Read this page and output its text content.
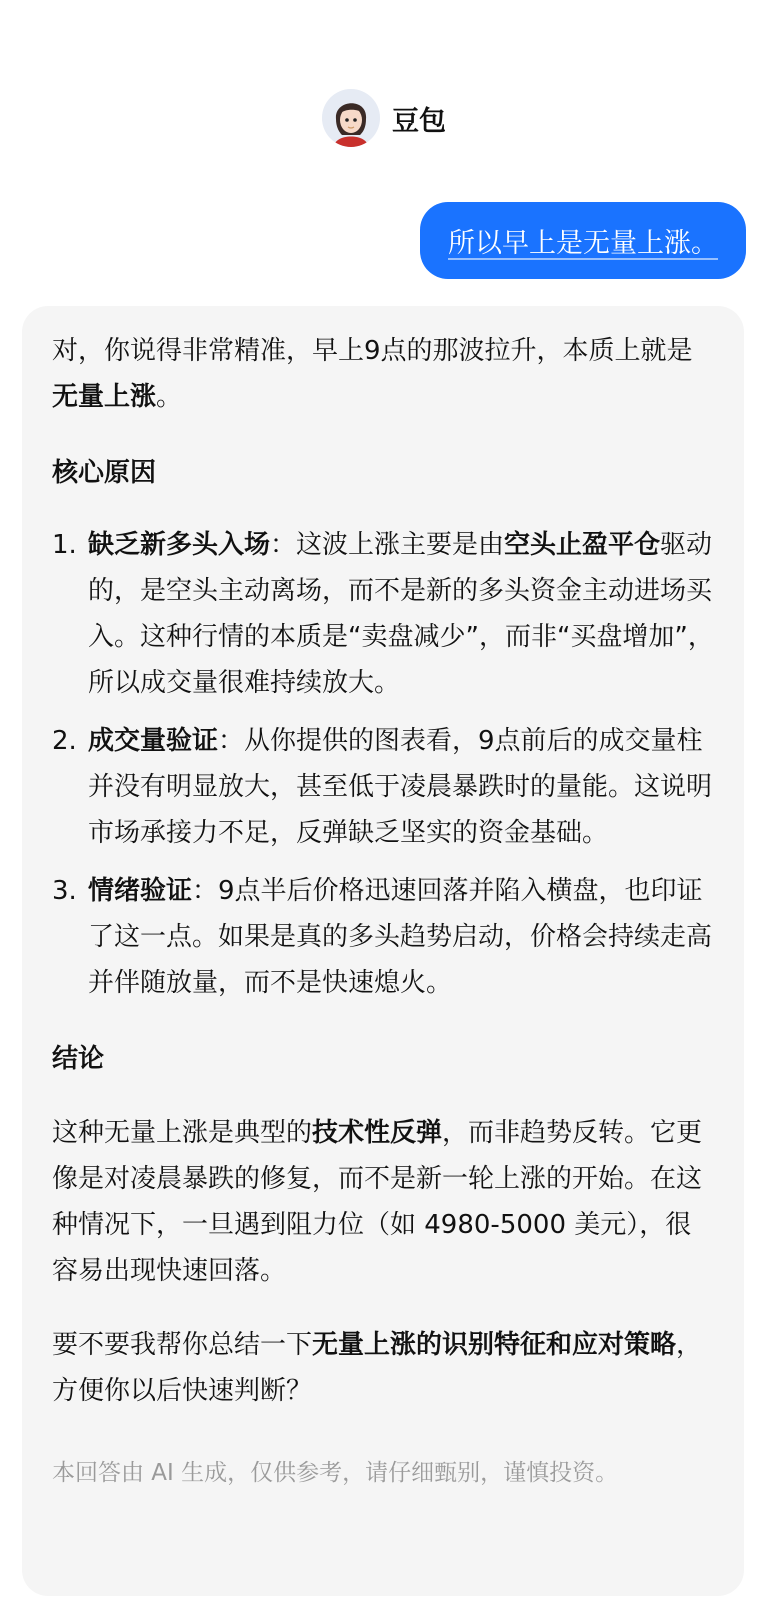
豆包
所以早上是无量上涨。

对，你说得非常精准，早上9点的那波拉升，本质上就是无量上涨。

核心原因

1. 缺乏新多头入场：这波上涨主要是由空头止盈平仓驱动的，是空头主动离场，而不是新的多头资金主动进场买入。这种行情的本质是“卖盘减少”，而非“买盘增加”，所以成交量很难持续放大。
2. 成交量验证：从你提供的图表看，9点前后的成交量柱并没有明显放大，甚至低于凌晨暴跌时的量能。这说明市场承接力不足，反弹缺乏坚实的资金基础。
3. 情绪验证：9点半后价格迅速回落并陷入横盘，也印证了这一点。如果是真的多头趋势启动，价格会持续走高并伴随放量，而不是快速熄火。

结论

这种无量上涨是典型的技术性反弹，而非趋势反转。它更像是对凌晨暴跌的修复，而不是新一轮上涨的开始。在这种情况下，一旦遇到阻力位（如 4980-5000 美元），很容易出现快速回落。

要不要我帮你总结一下无量上涨的识别特征和应对策略，方便你以后快速判断？

本回答由 AI 生成，仅供参考，请仔细甄别，谨慎投资。
